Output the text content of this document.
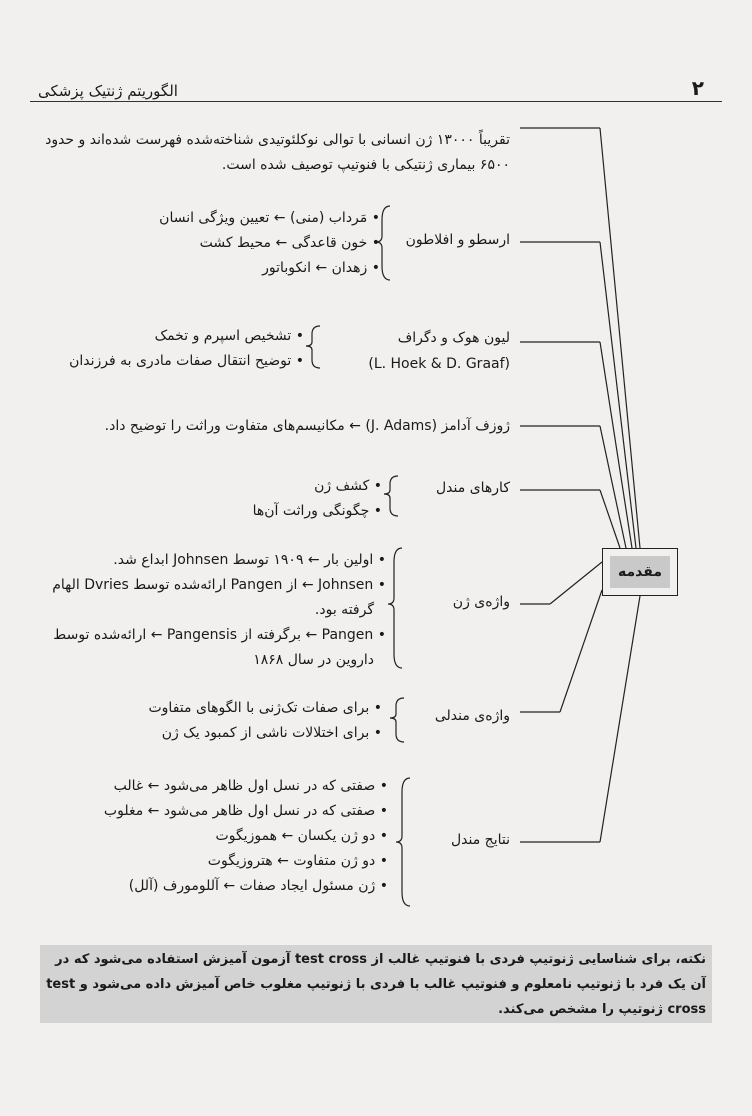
۲
الگوریتم ژنتیک پزشکی
تقریباً ۱۳۰۰۰ ژن انسانی با توالی نوکلئوتیدی شناخته‌شده فهرست شده‌اند و حدود
۶۵۰۰ بیماری ژنتیکی با فنوتیپ توصیف شده است.
ارسطو و افلاطون
• مَرداب (منی) ← تعیین ویژگی انسان
• خون قاعدگی ← محیط کشت
• زهدان ← انکوباتور
لیون هوک و دگراف
(L. Hoek & D. Graaf)
• تشخیص اسپرم و تخمک
• توضیح انتقال صفات مادری به فرزندان
ژوزف آدامز (J. Adams) ← مکانیسم‌های متفاوت وراثت را توضیح داد.
کارهای مندل
• کشف ژن
• چگونگی وراثت آن‌ها
واژه‌ی ژن
• اولین بار ← ۱۹۰۹ توسط Johnsen ابداع شد.
• Johnsen ← از Pangen ارائه‌شده توسط Dvries الهام
گرفته بود.
• Pangen ← برگرفته از Pangensis ← ارائه‌شده توسط
داروین در سال ۱۸۶۸
واژه‌ی مندلی
• برای صفات تک‌ژنی با الگوهای متفاوت
• برای اختلالات ناشی از کمبود یک ژن
نتایج مندل
• صفتی که در نسل اول ظاهر می‌شود ← غالب
• صفتی که در نسل اول ظاهر می‌شود ← مغلوب
• دو ژن یکسان ← هموزیگوت
• دو ژن متفاوت ← هتروزیگوت
• ژن مسئول ایجاد صفات ← آللومورف (آلل)
مقدمه
نکته، برای شناسایی ژنوتیپ فردی با فنوتیپ غالب از test cross آزمون آمیزش استفاده می‌شود که در آن یک فرد با ژنوتیپ نامعلوم و فنوتیپ غالب با فردی با ژنوتیپ مغلوب خاص آمیزش داده می‌شود و test cross ژنوتیپ را مشخص می‌کند.
